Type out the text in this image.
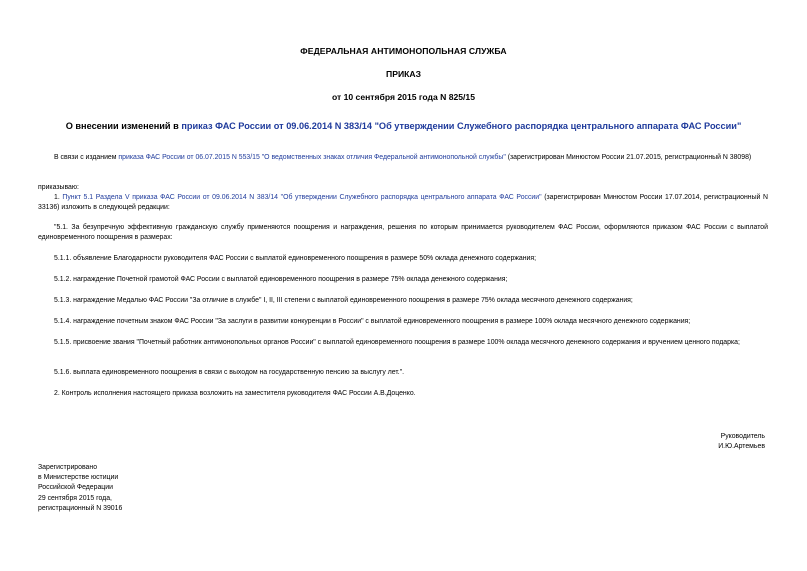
ФЕДЕРАЛЬНАЯ АНТИМОНОПОЛЬНАЯ СЛУЖБА
ПРИКАЗ
от 10 сентября 2015 года N 825/15
О внесении изменений в приказ ФАС России от 09.06.2014 N 383/14 "Об утверждении Служебного распорядка центрального аппарата ФАС России"
В связи с изданием приказа ФАС России от 06.07.2015 N 553/15 "О ведомственных знаках отличия Федеральной антимонопольной службы" (зарегистрирован Минюстом России 21.07.2015, регистрационный N 38098)
приказываю:
1. Пункт 5.1 Раздела V приказа ФАС России от 09.06.2014 N 383/14 "Об утверждении Служебного распорядка центрального аппарата ФАС России" (зарегистрирован Минюстом России 17.07.2014, регистрационный N 33136) изложить в следующей редакции:
"5.1. За безупречную эффективную гражданскую службу применяются поощрения и награждения, решения по которым принимается руководителем ФАС России, оформляются приказом ФАС России с выплатой единовременного поощрения в размерах:
5.1.1. объявление Благодарности руководителя ФАС России с выплатой единовременного поощрения в размере 50% оклада денежного содержания;
5.1.2. награждение Почетной грамотой ФАС России с выплатой единовременного поощрения в размере 75% оклада денежного содержания;
5.1.3. награждение Медалью ФАС России "За отличие в службе" I, II, III степени с выплатой единовременного поощрения в размере 75% оклада месячного денежного содержания;
5.1.4. награждение почетным знаком ФАС России "За заслуги в развитии конкуренции в России" с выплатой единовременного поощрения в размере 100% оклада месячного денежного содержания;
5.1.5. присвоение звания "Почетный работник антимонопольных органов России" с выплатой единовременного поощрения в размере 100% оклада месячного денежного содержания и вручением ценного подарка;
5.1.6. выплата единовременного поощрения в связи с выходом на государственную пенсию за выслугу лет.".
2. Контроль исполнения настоящего приказа возложить на заместителя руководителя ФАС России А.В.Доценко.
Руководитель
И.Ю.Артемьев
Зарегистрировано
в Министерстве юстиции
Российской Федерации
29 сентября 2015 года,
регистрационный N 39016
